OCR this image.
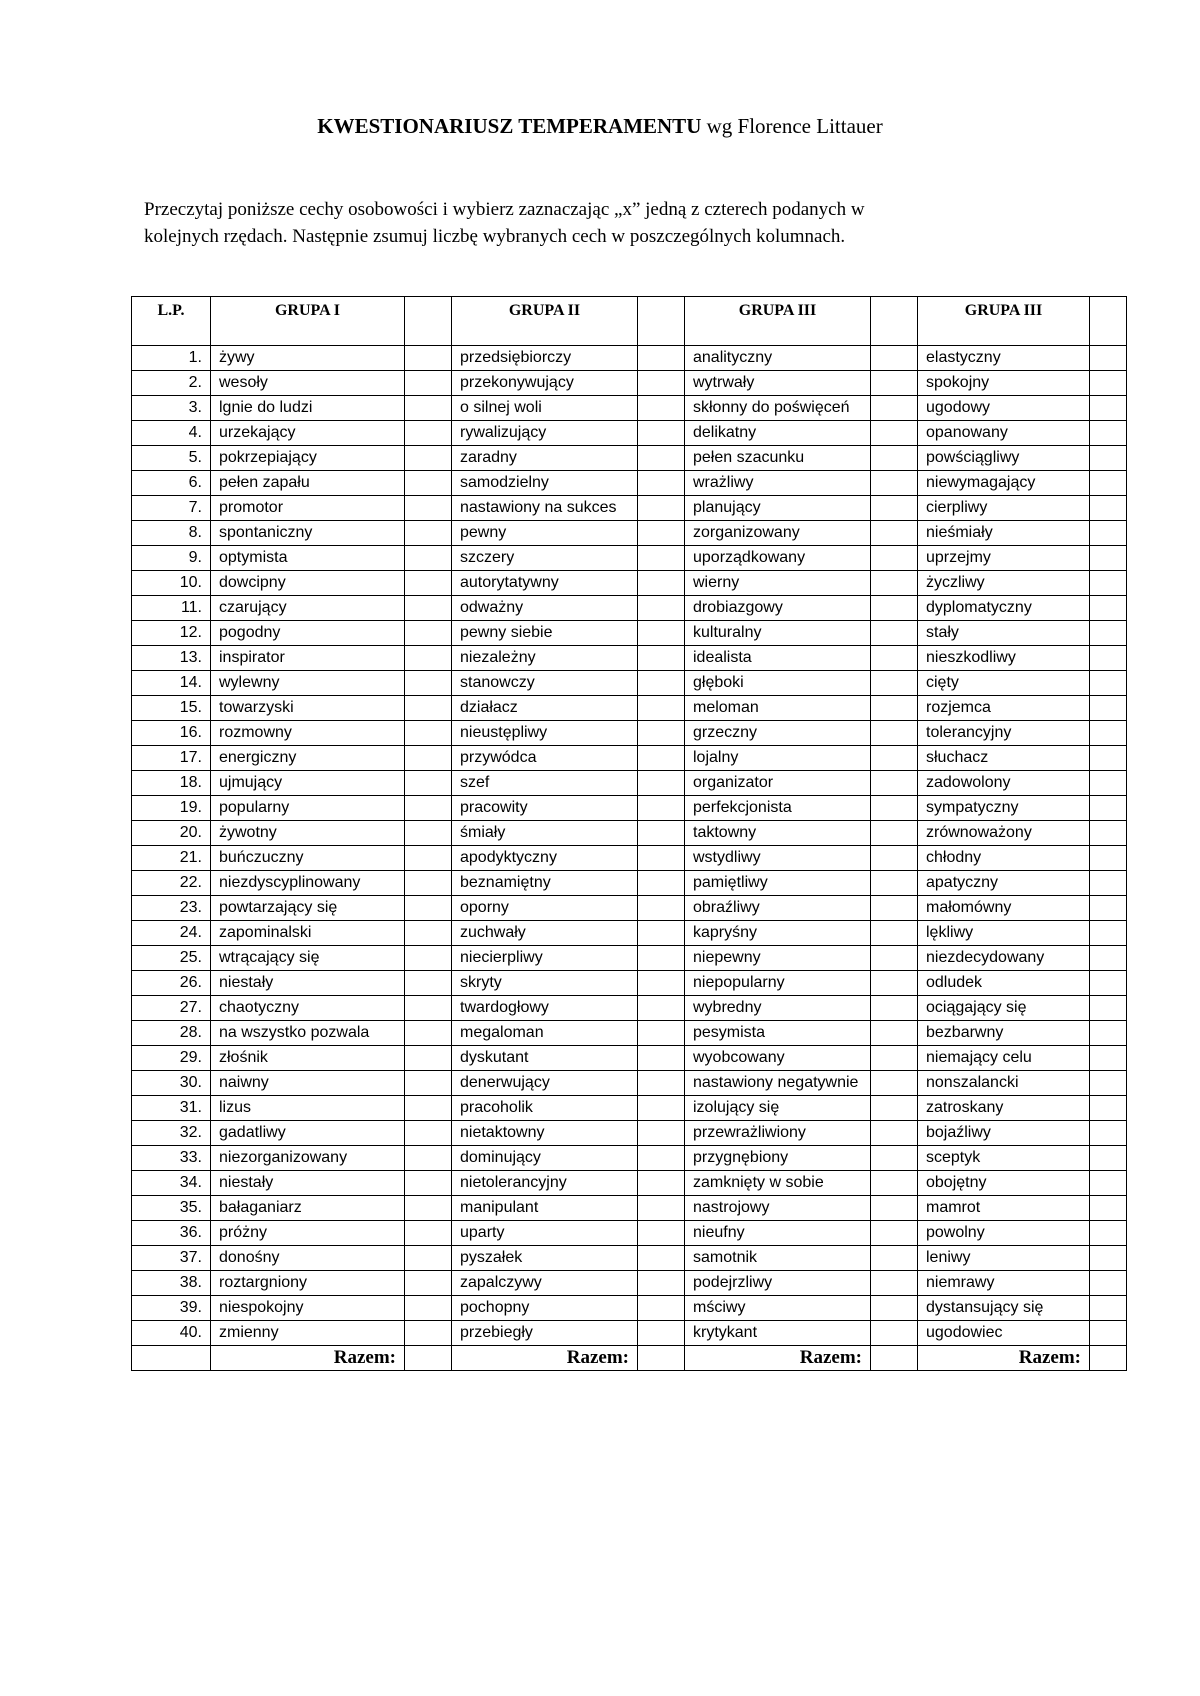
KWESTIONARIUSZ TEMPERAMENTU wg Florence Littauer

Przeczytaj poniższe cechy osobowości i wybierz zaznaczając „x” jedną z czterech podanych w

kolejnych rzędach. Następnie zsumuj liczbę wybranych cech w poszczególnych kolumnach.

L.P.	GRUPA I		GRUPA II		GRUPA III		GRUPA III	
1.	żywy		przedsiębiorczy		analityczny		elastyczny	
2.	wesoły		przekonywujący		wytrwały		spokojny	
3.	lgnie do ludzi		o silnej woli		skłonny do poświęceń		ugodowy	
4.	urzekający		rywalizujący		delikatny		opanowany	
5.	pokrzepiający		zaradny		pełen szacunku		powściągliwy	
6.	pełen zapału		samodzielny		wrażliwy		niewymagający	
7.	promotor		nastawiony na sukces		planujący		cierpliwy	
8.	spontaniczny		pewny		zorganizowany		nieśmiały	
9.	optymista		szczery		uporządkowany		uprzejmy	
10.	dowcipny		autorytatywny		wierny		życzliwy	
11.	czarujący		odważny		drobiazgowy		dyplomatyczny	
12.	pogodny		pewny siebie		kulturalny		stały	
13.	inspirator		niezależny		idealista		nieszkodliwy	
14.	wylewny		stanowczy		głęboki		cięty	
15.	towarzyski		działacz		meloman		rozjemca	
16.	rozmowny		nieustępliwy		grzeczny		tolerancyjny	
17.	energiczny		przywódca		lojalny		słuchacz	
18.	ujmujący		szef		organizator		zadowolony	
19.	popularny		pracowity		perfekcjonista		sympatyczny	
20.	żywotny		śmiały		taktowny		zrównoważony	
21.	buńczuczny		apodyktyczny		wstydliwy		chłodny	
22.	niezdyscyplinowany		beznamiętny		pamiętliwy		apatyczny	
23.	powtarzający się		oporny		obraźliwy		małomówny	
24.	zapominalski		zuchwały		kapryśny		lękliwy	
25.	wtrącający się		niecierpliwy		niepewny		niezdecydowany	
26.	niestały		skryty		niepopularny		odludek	
27.	chaotyczny		twardogłowy		wybredny		ociągający się	
28.	na wszystko pozwala		megaloman		pesymista		bezbarwny	
29.	złośnik		dyskutant		wyobcowany		niemający celu	
30.	naiwny		denerwujący		nastawiony negatywnie		nonszalancki	
31.	lizus		pracoholik		izolujący się		zatroskany	
32.	gadatliwy		nietaktowny		przewrażliwiony		bojaźliwy	
33.	niezorganizowany		dominujący		przygnębiony		sceptyk	
34.	niestały		nietolerancyjny		zamknięty w sobie		obojętny	
35.	bałaganiarz		manipulant		nastrojowy		mamrot	
36.	próżny		uparty		nieufny		powolny	
37.	donośny		pyszałek		samotnik		leniwy	
38.	roztargniony		zapalczywy		podejrzliwy		niemrawy	
39.	niespokojny		pochopny		mściwy		dystansujący się	
40.	zmienny		przebiegły		krytykant		ugodowiec	
	Razem:		Razem:		Razem:		Razem:	
